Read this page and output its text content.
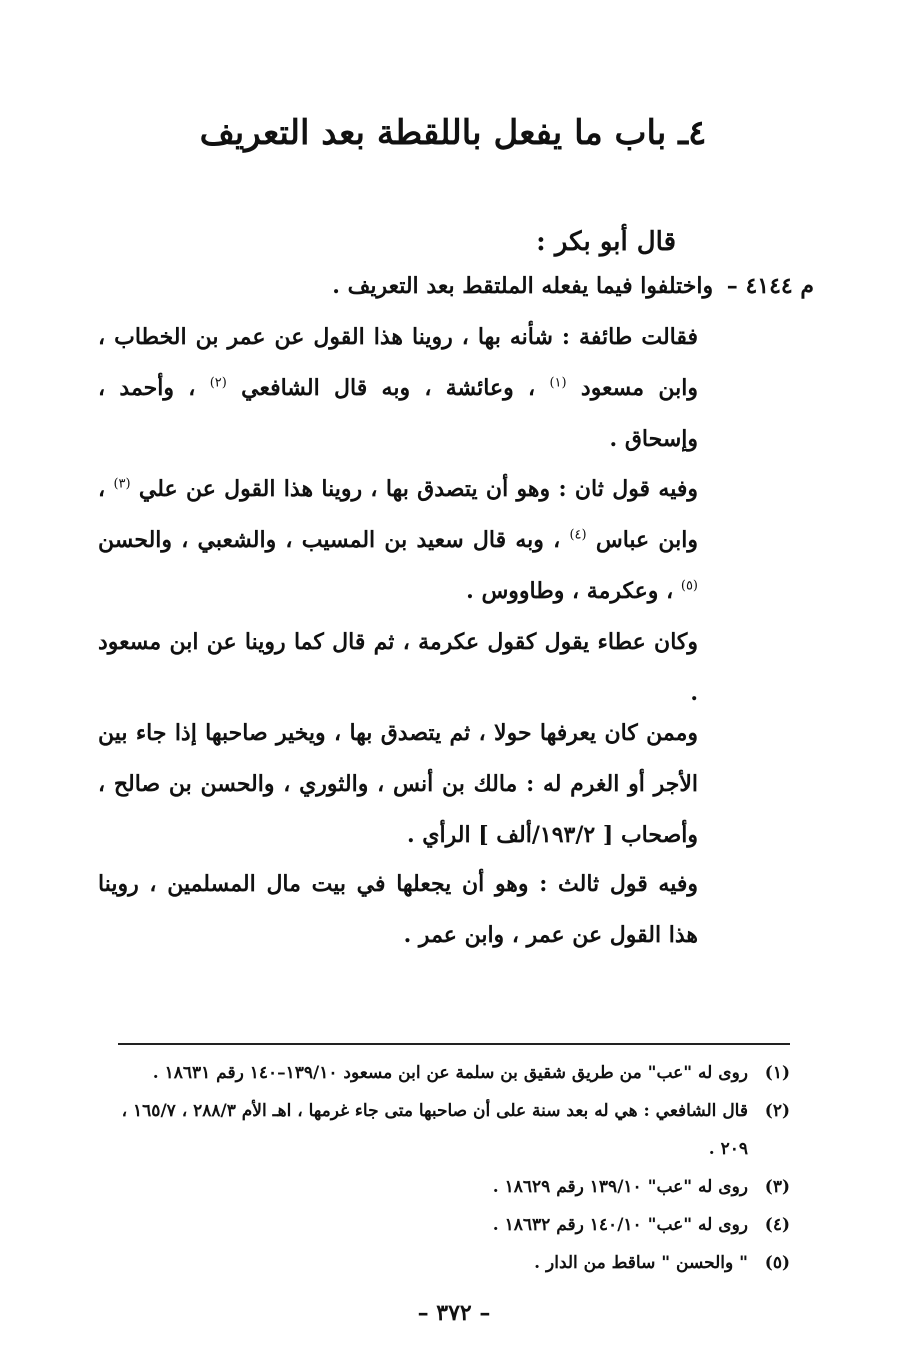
٤ـ باب ما يفعل باللقطة بعد التعريف
قال أبو بكر :
م ٤١٤٤ – واختلفوا فيما يفعله الملتقط بعد التعريف .

فقالت طائفة : شأنه بها ، روينا هذا القول عن عمر بن الخطاب ، وابن مسعود $^{(١)}$ ، وعائشة ، وبه قال الشافعي $^{(٢)}$ ، وأحمد ، وإسحاق .

وفيه قول ثان : وهو أن يتصدق بها ، روينا هذا القول عن علي $^{(٣)}$ ، وابن عباس $^{(٤)}$ ، وبه قال سعيد بن المسيب ، والشعبي ، والحسن $^{(٥)}$ ، وعكرمة ، وطاووس .

وكان عطاء يقول كقول عكرمة ، ثم قال كما روينا عن ابن مسعود .

وممن كان يعرفها حولا ، ثم يتصدق بها ، ويخير صاحبها إذا جاء بين الأجر أو الغرم له : مالك بن أنس ، والثوري ، والحسن بن صالح ، وأصحاب [ ١٩٣/٢/ألف ] الرأي .

وفيه قول ثالث : وهو أن يجعلها في بيت مال المسلمين ، روينا هذا القول عن عمر ، وابن عمر .

(١)
روى له "عب" من طريق شقيق بن سلمة عن ابن مسعود ١٣٩/١٠–١٤٠ رقم ١٨٦٣١ .
(٢)
قال الشافعي : هي له بعد سنة على أن صاحبها متى جاء غرمها ، اهـ الأم ٢٨٨/٣ ، ١٦٥/٧ ، ٢٠٩ .
(٣)
روى له "عب" ١٣٩/١٠ رقم ١٨٦٢٩ .
(٤)
روى له "عب" ١٤٠/١٠ رقم ١٨٦٣٢ .
(٥)
" والحسن " ساقط من الدار .
– ٣٧٢ –
